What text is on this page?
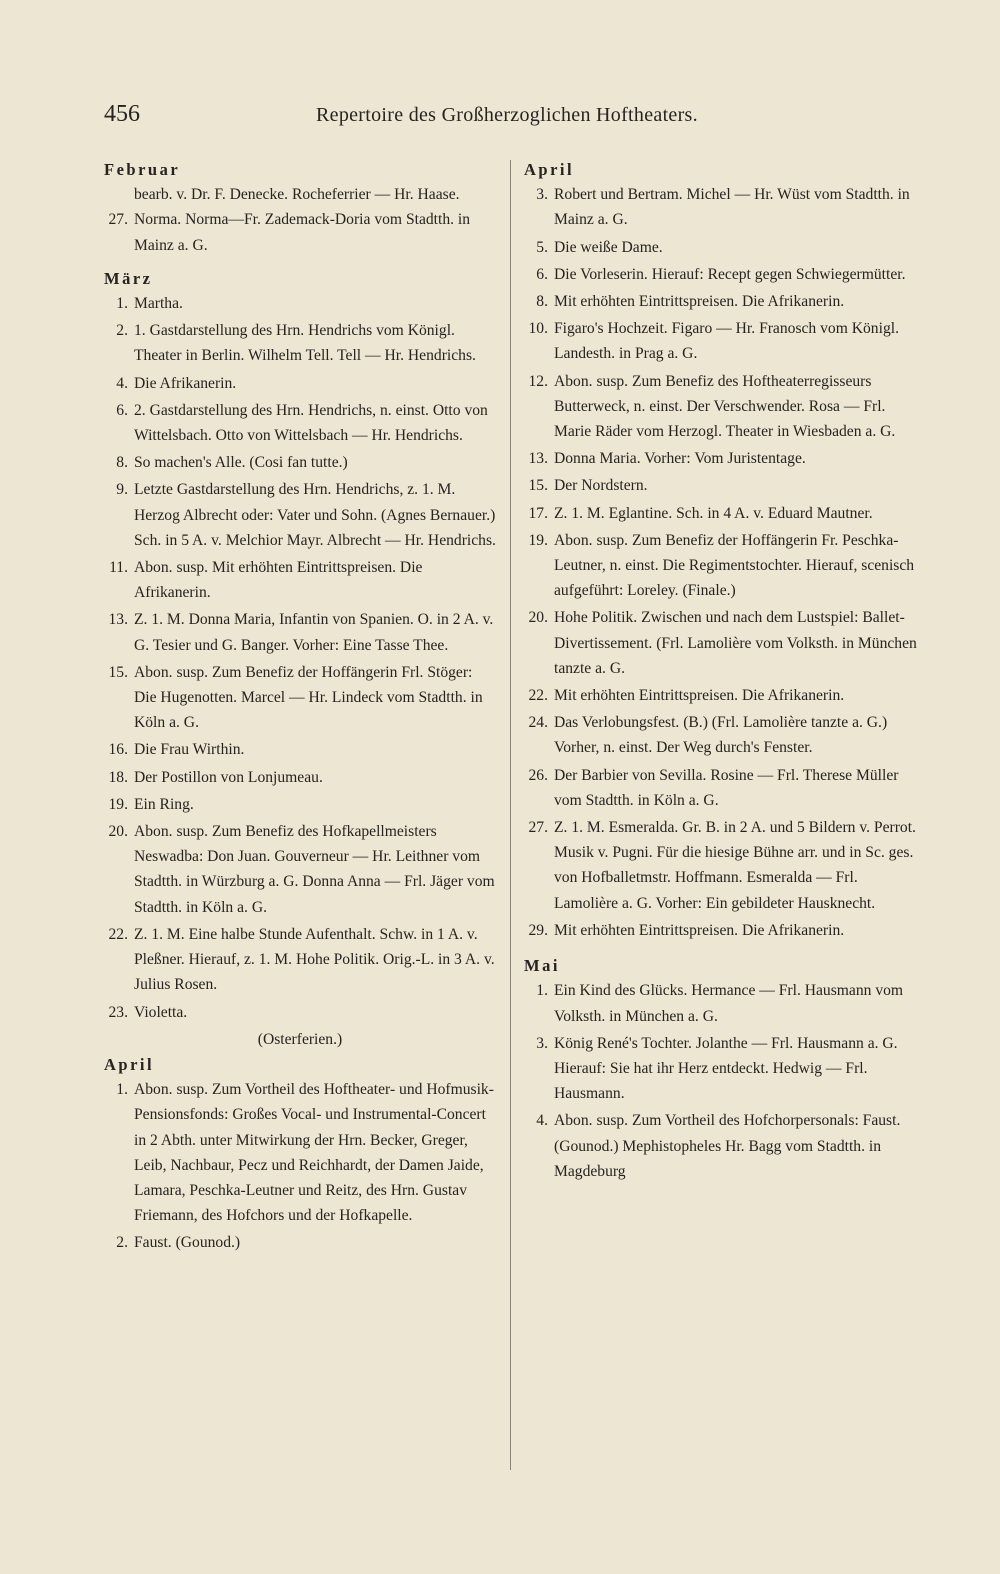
456	Repertoire des Großherzoglichen Hoftheaters.
Februar
bearb. v. Dr. F. Denecke. Rocheferrier — Hr. Haase.
27. Norma. Norma—Fr. Zademack-Doria vom Stadtth. in Mainz a. G.
März
1. Martha.
2. 1. Gastdarstellung des Hrn. Hendrichs vom Königl. Theater in Berlin. Wilhelm Tell. Tell — Hr. Hendrichs.
4. Die Afrikanerin.
6. 2. Gastdarstellung des Hrn. Hendrichs, n. einst. Otto von Wittelsbach. Otto von Wittelsbach — Hr. Hendrichs.
8. So machen's Alle. (Cosi fan tutte.)
9. Letzte Gastdarstellung des Hrn. Hendrichs, z. 1. M. Herzog Albrecht oder: Vater und Sohn. (Agnes Bernauer.) Sch. in 5 A. v. Melchior Mayr. Albrecht — Hr. Hendrichs.
11. Abon. susp. Mit erhöhten Eintrittspreisen. Die Afrikanerin.
13. Z. 1. M. Donna Maria, Infantin von Spanien. O. in 2 A. v. G. Tesier und G. Banger. Vorher: Eine Tasse Thee.
15. Abon. susp. Zum Benefiz der Hoffängerin Frl. Stöger: Die Hugenotten. Marcel — Hr. Lindeck vom Stadtth. in Köln a. G.
16. Die Frau Wirthin.
18. Der Postillon von Lonjumeau.
19. Ein Ring.
20. Abon. susp. Zum Benefiz des Hofkapellmeisters Neswadba: Don Juan. Gouverneur — Hr. Leithner vom Stadtth. in Würzburg a. G. Donna Anna — Frl. Jäger vom Stadtth. in Köln a. G.
22. Z. 1. M. Eine halbe Stunde Aufenthalt. Schw. in 1 A. v. Pleßner. Hierauf, z. 1. M. Hohe Politik. Orig.-L. in 3 A. v. Julius Rosen.
23. Violetta.
(Osterferien.)
April
1. Abon. susp. Zum Vortheil des Hoftheater- und Hofmusik-Pensionsfonds: Großes Vocal- und Instrumental-Concert in 2 Abth. unter Mitwirkung der Hrn. Becker, Greger, Leib, Nachbaur, Pecz und Reichhardt, der Damen Jaide, Lamara, Peschka-Leutner und Reitz, des Hrn. Gustav Friemann, des Hofchors und der Hofkapelle.
2. Faust. (Gounod.)
April
3. Robert und Bertram. Michel — Hr. Wüst vom Stadtth. in Mainz a. G.
5. Die weiße Dame.
6. Die Vorleserin. Hierauf: Recept gegen Schwiegermütter.
8. Mit erhöhten Eintrittspreisen. Die Afrikanerin.
10. Figaro's Hochzeit. Figaro — Hr. Franosch vom Königl. Landesth. in Prag a. G.
12. Abon. susp. Zum Benefiz des Hoftheaterregisseurs Butterweck, n. einst. Der Verschwender. Rosa — Frl. Marie Räder vom Herzogl. Theater in Wiesbaden a. G.
13. Donna Maria. Vorher: Vom Juristentage.
15. Der Nordstern.
17. Z. 1. M. Eglantine. Sch. in 4 A. v. Eduard Mautner.
19. Abon. susp. Zum Benefiz der Hoffängerin Fr. Peschka-Leutner, n. einst. Die Regimentstochter. Hierauf, scenisch aufgeführt: Loreley. (Finale.)
20. Hohe Politik. Zwischen und nach dem Lustspiel: Ballet-Divertissement. (Frl. Lamolière vom Volksth. in München tanzte a. G.
22. Mit erhöhten Eintrittspreisen. Die Afrikanerin.
24. Das Verlobungsfest. (B.) (Frl. Lamolière tanzte a. G.) Vorher, n. einst. Der Weg durch's Fenster.
26. Der Barbier von Sevilla. Rosine — Frl. Therese Müller vom Stadtth. in Köln a. G.
27. Z. 1. M. Esmeralda. Gr. B. in 2 A. und 5 Bildern v. Perrot. Musik v. Pugni. Für die hiesige Bühne arr. und in Sc. ges. von Hofballetmstr. Hoffmann. Esmeralda — Frl. Lamolière a. G. Vorher: Ein gebildeter Hausknecht.
29. Mit erhöhten Eintrittspreisen. Die Afrikanerin.
Mai
1. Ein Kind des Glücks. Hermance — Frl. Hausmann vom Volksth. in München a. G.
3. König René's Tochter. Jolanthe — Frl. Hausmann a. G. Hierauf: Sie hat ihr Herz entdeckt. Hedwig — Frl. Hausmann.
4. Abon. susp. Zum Vortheil des Hofchorpersonals: Faust. (Gounod.) Mephistopheles Hr. Bagg vom Stadtth. in Magdeburg
